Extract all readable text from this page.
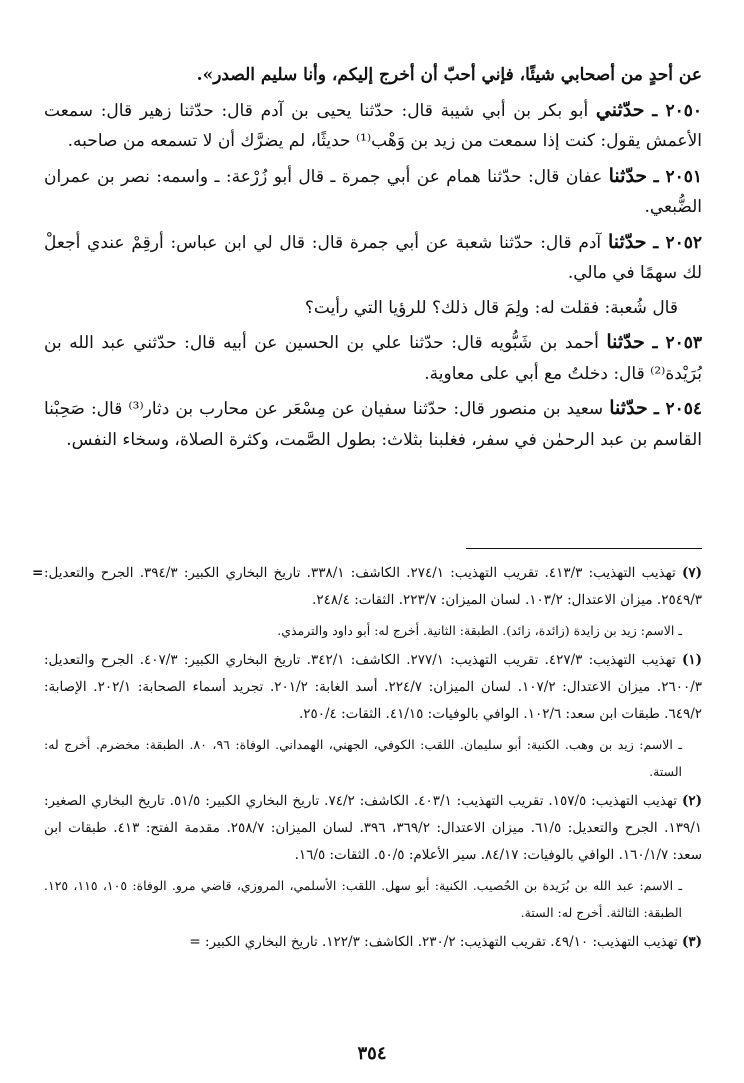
عن أحدٍ من أصحابي شيئًا، فإني أحبّ أن أخرج إليكم، وأنا سليم الصدر».

٢٠٥٠ ـ حدّثني أبو بكر بن أبي شيبة قال: حدّثنا يحيى بن آدم قال: حدّثنا زهير قال: سمعت الأعمش يقول: كنت إذا سمعت من زيد بن وَهْب⁽¹⁾ حديثًا، لم يضرَّك أن لا تسمعه من صاحبه.

٢٠٥١ ـ حدّثنا عفان قال: حدّثنا همام عن أبي جمرة ـ قال أبو زُرْعة: ـ واسمه: نصر بن عمران الضُّبعي.

٢٠٥٢ ـ حدّثنا آدم قال: حدّثنا شعبة عن أبي جمرة قال: قال لي ابن عباس: أرقِمْ عندي أجعلْ لك سهمًا في مالي.

قال شُعبة: فقلت له: ولِمَ قال ذلك؟ للرؤيا التي رأيت؟

٢٠٥٣ ـ حدّثنا أحمد بن شَبُّويه قال: حدّثنا علي بن الحسين عن أبيه قال: حدّثني عبد الله بن بُرَيْدة⁽²⁾ قال: دخلتُ مع أبي على معاوية.

٢٠٥٤ ـ حدّثنا سعيد بن منصور قال: حدّثنا سفيان عن مِسْعَر عن محارب بن دثار⁽³⁾ قال: صَحِبْنا القاسم بن عبد الرحمٰن في سفر، فغلبنا بثلاث: بطول الصَّمت، وكثرة الصلاة، وسخاء النفس.

=	(٧) تهذيب التهذيب: ٤١٣/٣. تقريب التهذيب: ٢٧٤/١. الكاشف: ٣٣٨/١. تاريخ البخاري الكبير: ٣٩٤/٣. الجرح والتعديل: ٢٥٤٩/٣. ميزان الاعتدال: ١٠٣/٢. لسان الميزان: ٢٢٣/٧. الثقات: ٢٤٨/٤.

ـ الاسم: زيد بن زايدة (زائدة، زائد). الطبقة: الثانية. أخرج له: أبو داود والترمذي.

(١) تهذيب التهذيب: ٤٢٧/٣. تقريب التهذيب: ٢٧٧/١. الكاشف: ٣٤٢/١. تاريخ البخاري الكبير: ٤٠٧/٣. الجرح والتعديل: ٢٦٠٠/٣. ميزان الاعتدال: ١٠٧/٢. لسان الميزان: ٢٢٤/٧. أسد الغابة: ٢٠١/٢. تجريد أسماء الصحابة: ٢٠٢/١. الإصابة: ٦٤٩/٢. طبقات ابن سعد: ١٠٢/٦. الوافي بالوفيات: ٤١/١٥. الثقات: ٢٥٠/٤.

ـ الاسم: زيد بن وهب. الكنية: أبو سليمان. اللقب: الكوفي، الجهني، الهمداني. الوفاة: ٩٦، ٨٠. الطبقة: مخضرم. أخرج له: الستة.

(٢) تهذيب التهذيب: ١٥٧/٥. تقريب التهذيب: ٤٠٣/١. الكاشف: ٧٤/٢. تاريخ البخاري الكبير: ٥١/٥. تاريخ البخاري الصغير: ١٣٩/١. الجرح والتعديل: ٦١/٥. ميزان الاعتدال: ٣٦٩/٢، ٣٩٦. لسان الميزان: ٢٥٨/٧. مقدمة الفتح: ٤١٣. طبقات ابن سعد: ١٦٠/١/٧. الوافي بالوفيات: ٨٤/١٧. سير الأعلام: ٥٠/٥. الثقات: ١٦/٥.

ـ الاسم: عبد الله بن بُرَيدة بن الحُصيب. الكنية: أبو سهل. اللقب: الأسلمي، المروزي، قاضي مرو. الوفاة: ١٠٥، ١١٥، ١٢٥. الطبقة: الثالثة. أخرج له: الستة.

(٣) تهذيب التهذيب: ٤٩/١٠. تقريب التهذيب: ٢٣٠/٢. الكاشف: ١٢٢/٣. تاريخ البخاري الكبير: =

٣٥٤
